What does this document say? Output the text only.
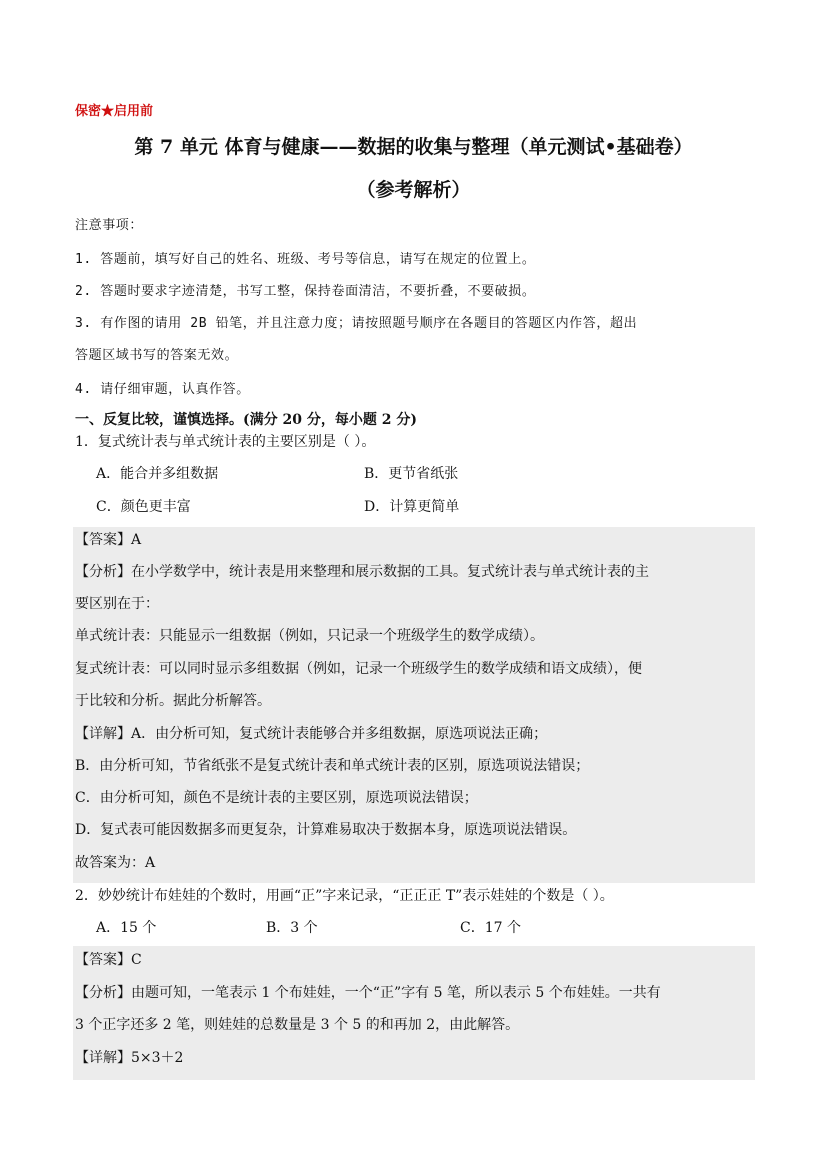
保密★启用前
第 7 单元 体育与健康——数据的收集与整理（单元测试•基础卷）
（参考解析）
注意事项：
1. 答题前，填写好自己的姓名、班级、考号等信息，请写在规定的位置上。
2. 答题时要求字迹清楚，书写工整，保持卷面清洁，不要折叠，不要破损。
3. 有作图的请用 2B 铅笔，并且注意力度；请按照题号顺序在各题目的答题区内作答，超出
答题区域书写的答案无效。
4. 请仔细审题，认真作答。
一、反复比较，谨慎选择。(满分 20 分，每小题 2 分)
1．复式统计表与单式统计表的主要区别是（ ）。
A．能合并多组数据	B．更节省纸张
C．颜色更丰富	D．计算更简单
【答案】A
【分析】在小学数学中，统计表是用来整理和展示数据的工具。复式统计表与单式统计表的主
要区别在于：
单式统计表：只能显示一组数据（例如，只记录一个班级学生的数学成绩）。
复式统计表：可以同时显示多组数据（例如，记录一个班级学生的数学成绩和语文成绩），便
于比较和分析。据此分析解答。
【详解】A．由分析可知，复式统计表能够合并多组数据，原选项说法正确；
B．由分析可知，节省纸张不是复式统计表和单式统计表的区别，原选项说法错误；
C．由分析可知，颜色不是统计表的主要区别，原选项说法错误；
D．复式表可能因数据多而更复杂，计算难易取决于数据本身，原选项说法错误。
故答案为：A
2．妙妙统计布娃娃的个数时，用画“正”字来记录，“正正正 T”表示娃娃的个数是（ ）。
A．15 个	B．3 个	C．17 个
【答案】C
【分析】由题可知，一笔表示 1 个布娃娃，一个“正”字有 5 笔，所以表示 5 个布娃娃。一共有
3 个正字还多 2 笔，则娃娃的总数量是 3 个 5 的和再加 2，由此解答。
【详解】5×3＋2
